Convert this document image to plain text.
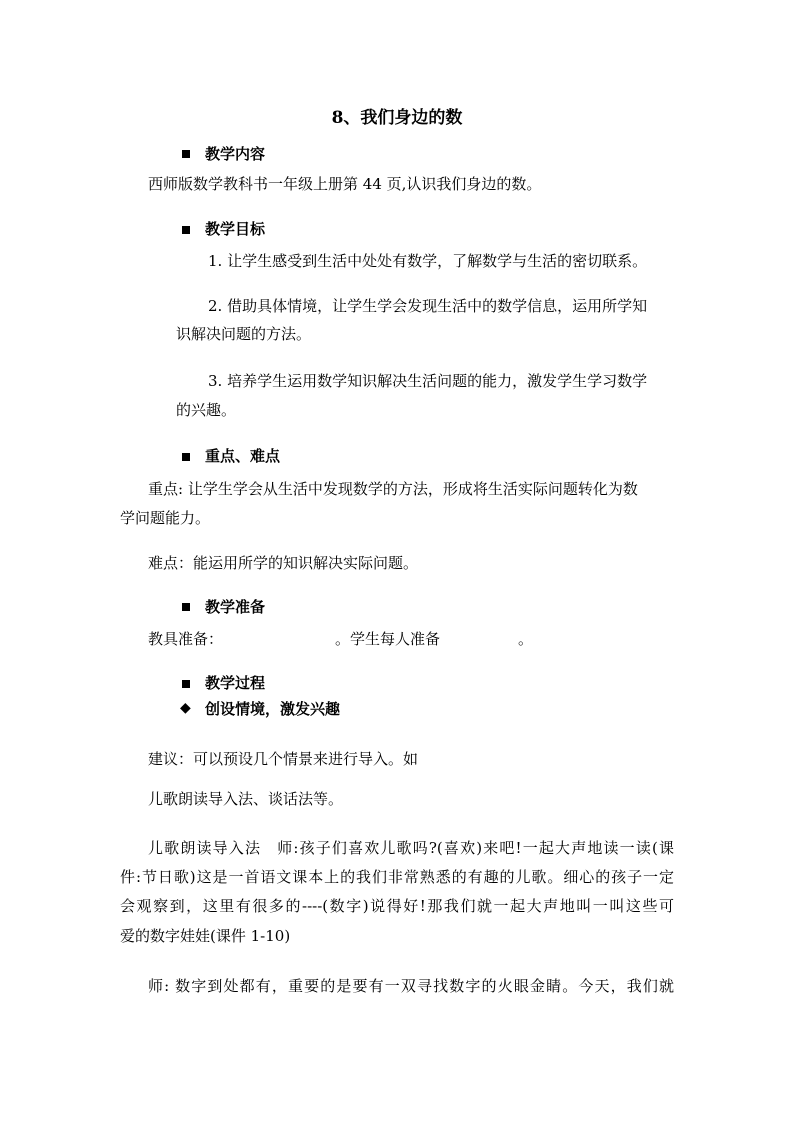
8、我们身边的数
教学内容
西师版数学教科书一年级上册第 44 页,认识我们身边的数。
教学目标
1. 让学生感受到生活中处处有数学，了解数学与生活的密切联系。
2. 借助具体情境，让学生学会发现生活中的数学信息，运用所学知
识解决问题的方法。
3. 培养学生运用数学知识解决生活问题的能力，激发学生学习数学
的兴趣。
重点、难点
重点: 让学生学会从生活中发现数学的方法，形成将生活实际问题转化为数
学问题能力。
难点：能运用所学的知识解决实际问题。
教学准备
教具准备：	。学生每人准备	。
教学过程
◆ 创设情境，激发兴趣
建议：可以预设几个情景来进行导入。如
儿歌朗读导入法、谈话法等。
儿歌朗读导入法　师:孩子们喜欢儿歌吗?(喜欢)来吧!一起大声地读一读(课
件:节日歌)这是一首语文课本上的我们非常熟悉的有趣的儿歌。细心的孩子一定
会观察到，这里有很多的----(数字)说得好!那我们就一起大声地叫一叫这些可
爱的数字娃娃(课件 1-10)
师: 数字到处都有，重要的是要有一双寻找数字的火眼金睛。今天，我们就
